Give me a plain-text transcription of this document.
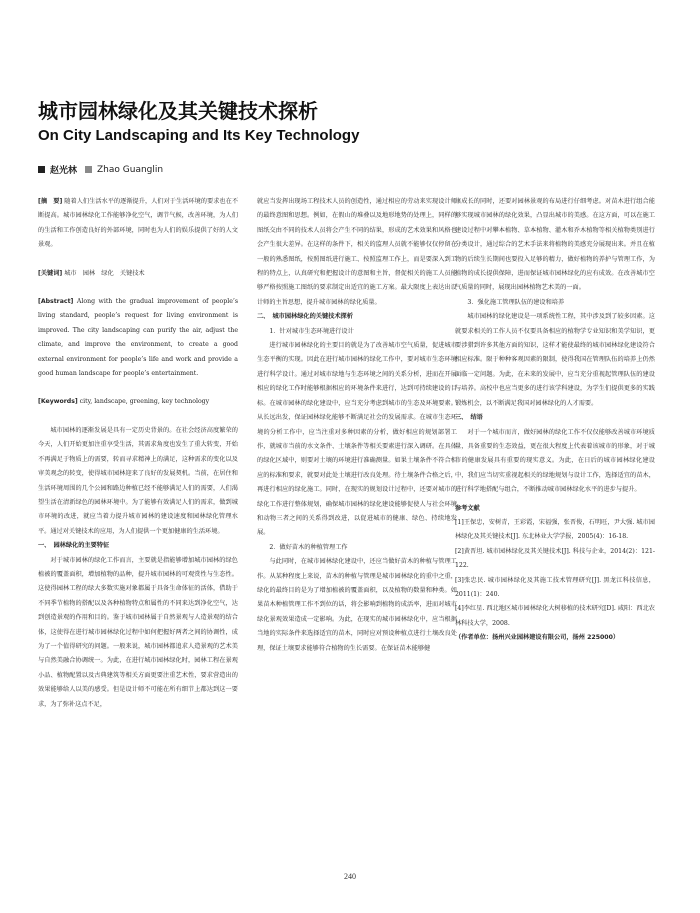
城市园林绿化及其关键技术探析
On City Landscaping and Its Key Technology
赵光林 Zhao Guanglin

[摘　要] 随着人们生活水平的逐渐提升，人们对于生活环境的要求也在不断提高。城市园林绿化工作能够净化空气，调节气候，改善环境，为人们的生活和工作创造良好的外部环境，同时也为人们的娱乐提供了好的人文景观。

[关键词] 城市　园林　绿化　关键技术

[Abstract] Along with the gradual improvement of people’s living standard, people’s request for living environment is improved. The city landscaping can purify the air, adjust the climate, and improve the environment, to create a good external environment for people’s life and work and provide a good human landscape for people’s entertainment.

[Keywords] city, landscape, greening, key technology

城市园林的逐渐发展是具有一定历史背景的。在社会经济高度繁荣的今天，人们开始更加注重享受生活，其需求角度也发生了重大转变，开始不再满足于物质上的需要，转而寻求精神上的满足，这种需求的变化以及审美观念的转变，使得城市园林迎来了良好的发展契机。当前，在居住和生活环境周围的几个公园和路边种植已经不能够满足人们的需要，人们渴望生活在清新绿色的园林环境中。为了能够有效满足人们的需求，做到城市环境的改进，就应当着力提升城市园林的建设速度和园林绿化管理水平。通过对关键技术的应用，为人们提供一个更加健康的生活环境。

一、　园林绿化的主要特征

对于城市园林的绿化工作而言，主要就是指能够增加城市园林的绿色植被的覆盖面积，增加植物的品种，提升城市园林的可观赏性与生态性。这使得园林工程的绿大多数实施对象都属于具备生命体征的活体，借助于不同季节植物的搭配以及各种植物特点和属性的不同来达到净化空气，达到创造景观的作用和目的。鉴于城市园林属于自然景观与人造景观的结合体，这使得在进行城市园林绿化过程中如何把握好两者之间的协调性，成为了一个值得研究的问题。一般来说，城市园林都追求人造景观的艺术美与自然美融合协调统一。为此，在进行城市园林绿化时，园林工程在景观小品、植物配置以及古典建筑等相关方面更要注重艺术性，要求营造出的效果能够给人以美的感受。但是设计师不可能在所有细节上都达到这一要求，为了弥补这点不足，

就应当发挥出现场工程技术人员的创造性，通过相应的劳动来实现设计师的最终意图和思想。例如，在假山的堆叠以及地形地势的处理上，同样的图纸交由不同的技术人员将会产生不同的结果，形成的艺术效果和风格也会产生很大差异。在这样的条件下，相关的监理人员就不能够仅仅停留在一般的熟悉图纸，按照图纸进行施工、按照监理工作上，而是要深入到工程的特点上，认真研究和把握设计的意图和主旨，督促相关的施工人员能够严格按照施工图纸的要求制定出适宜的施工方案。最大限度上表达出设计师的主旨思想，提升城市园林的绿化质量。

二、　城市园林绿化的关键技术探析

1．针对城市生态环境进行设计

进行城市园林绿化的主要目的就是为了改善城市空气质量，促进城市生态平衡的实现。因此在进行城市园林的绿化工作中，要对城市生态环境进行科学设计。通过对城市绿地与生态环境之间的关系分析，进而在开展相应的绿化工作时能够根据相应的环境条件来进行，达到可持续建设的目标。在城市园林的绿化建设中，应当充分考虑到城市的生态及环境要素。从长远出发，保证园林绿化能够不断满足社会的发展需求。在城市生态环境的分析工作中，应当注重对多种因素的分析，做好相应的规划部署工作，就城市当前的水文条件、土壤条件等相关要素进行深入调研。在具体的绿化区域中，则要对土壤的环境进行准确测量。如果土壤条件不符合相应的标准和要求，就要对此处土壤进行改良处理。待土壤条件合格之后，再进行相应的绿化施工。同时，在现实的规划设计过程中，还要对城市的绿化工作进行整体规划，确保城市园林的绿化建设能够促使人与社会环境和动物三者之间的关系得到改进，以促进城市的健康、绿色、持续地发展。

2．做好苗木的种植管理工作

与此同时，在城市园林绿化建设中，还应当做好苗木的种植与管理工作。从某种程度上来说，苗木的种植与管理是城市园林绿化的重中之重，绿化的最终目的是为了增加植被的覆盖面积，以及植物的数量和种类。如果苗木种植管理工作不到位的话，将会影响到植物的成活率，进而对城市绿化景观效果造成一定影响。为此，在现实的城市园林绿化中，应当根据当地的实际条件来选择适宜的苗木，同时应对预设种植点进行土壤改良处理，保证土壤要求能够符合植物的生长需要。在保证苗木能够健

康成长的同时，还要对园林景观的布局进行仔细考虑。对苗木进行组合能够实现城市园林的绿化效果，凸显出城市的美感。在这方面，可以在施工建设过程中对攀本植物、草本植物、灌木和乔木植物等相关植物类别进行分类设计，通过综合的艺术手法来将植物的美感充分展现出来。并且在植物的后续生长期间也要投入足够的精力，做好植物的养护与管理工作，为植物的成长提供保障，进而保证城市园林绿化的应有成效。在改善城市空气质量的同时，展现出园林植物艺术美的一面。

3．强化施工管理队伍的建设和培养

城市园林的绿化建设是一项系统性工程，其中涉及到了较多因素。这就要求相关的工作人员不仅要具备相应的植物学专业知识和美学知识，更要涉猎到许多其他方面的知识，这样才能使最终的城市园林绿化建设符合相应标准。限于种种客观因素的限制，使得我国在管理队伍的培养上仍然面临一定问题。为此，在未来的发展中，应当充分重视起管理队伍的建设与培养。高校中也应当更多的进行该学科建设，为学生们提供更多的实践锻炼机会，以不断满足我国对园林绿化的人才需要。

三、　结语

对于一个城市而言，做好园林的绿化工作不仅仅能够改善城市环境质量，具备重要的生态效益，更在很大程度上代表着该城市的形象，对于城市的健康发展具有重要的现实意义。为此，在日后的城市园林绿化建设中，我们应当切实重视起相关的绿地规划与设计工作，选择适宜的苗木，进行科学地搭配与组合，不断推动城市园林绿化水平的进步与提升。

参考文献

[1]王保忠，安树青，王彩霞，宋福强，张晋俊，石明旺，尹大强. 城市园林绿化及其关键技术[J]. 东北林业大学学报，2005(4)：16-18.

[2]黄晋坦. 城市园林绿化及其关键技术[J]. 科技与企业，2014(2)：121-122.

[3]张忠民. 城市园林绿化及其施工技术管理研究[J]. 黑龙江科技信息，2011(1)：240.

[4]李红星. 西北地区城市园林绿化大树移植的技术研究[D]. 咸阳：西北农林科技大学，2008.

（作者单位：扬州兴业园林建设有限公司，扬州 225000）

240
